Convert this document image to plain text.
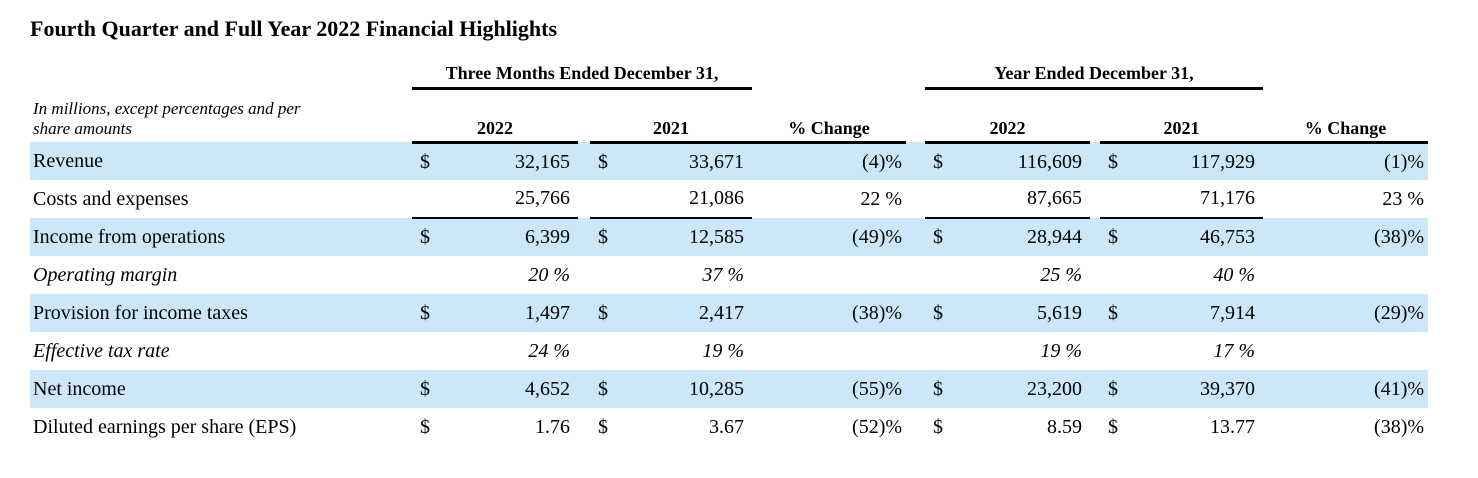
Fourth Quarter and Full Year 2022 Financial Highlights
	Three Months Ended December 31,					Year Ended December 31,			

In millions, except percentages and per
share amounts	2022		2021	% Change		2022		2021	% Change
Revenue	$ 32,165		$ 33,671	(4)%		$ 116,609		$ 117,929	(1)%
Costs and expenses	25,766		21,086	22 %		87,665		71,176	23 %
Income from operations	$ 6,399		$ 12,585	(49)%		$ 28,944		$ 46,753	(38)%
Operating margin	20 %		37 %			25 %		40 %	

Provision for income taxes	$ 1,497		$ 2,417	(38)%		$ 5,619		$ 7,914	(29)%
Effective tax rate	24 %		19 %			19 %		17 %	

Net income	$ 4,652		$ 10,285	(55)%		$ 23,200		$ 39,370	(41)%
Diluted earnings per share (EPS)	$ 1.76		$ 3.67	(52)%		$ 8.59		$ 13.77	(38)%
